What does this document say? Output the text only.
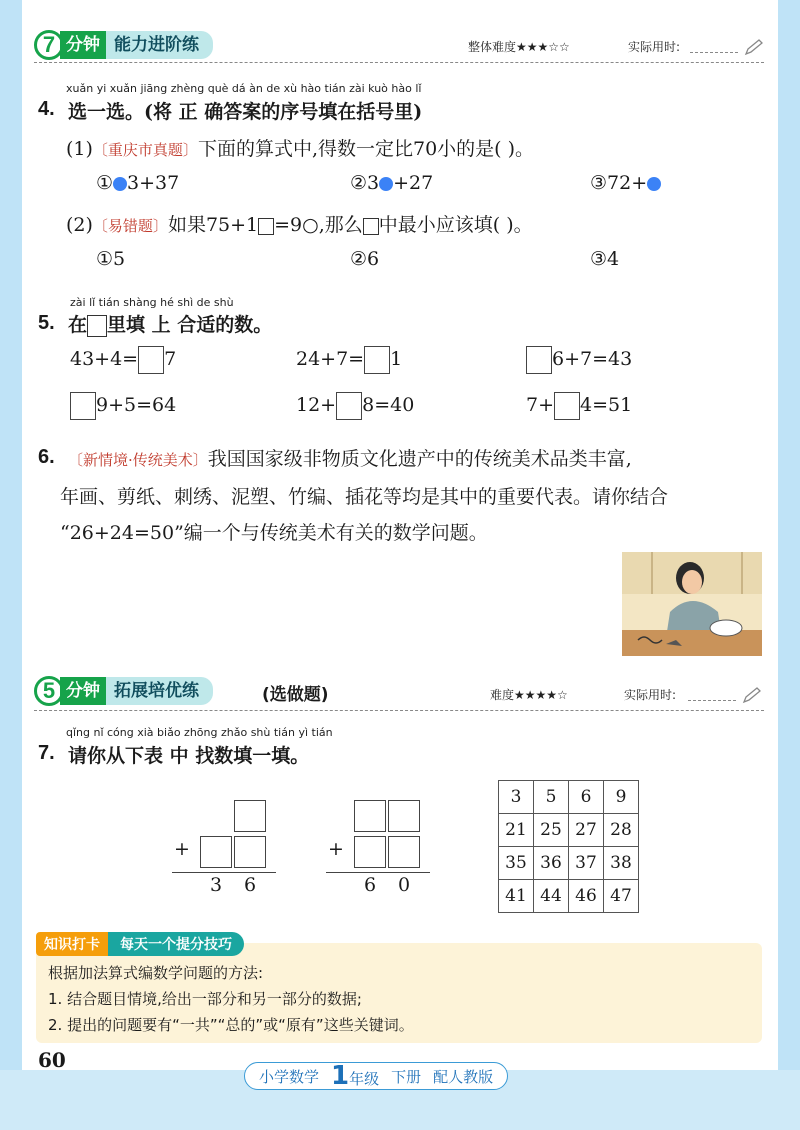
7 分钟 能力进阶练	整体难度★★★☆☆	实际用时:
xuǎn yi xuǎn jiāng zhèng què dá àn de xù hào tián zài kuò hào lǐ
4. 选一选。(将 正 确答案的序号填在括号里)
(1)〔重庆市真题〕下面的算式中,得数一定比70小的是( )。
① 3+37	②3 +27	③72+
(2)〔易错题〕如果75+1 =9○,那么 中最小应该填( )。
①5	②6	③4
zài lǐ tián shàng hé shì de shù
5. 在 里填 上 合适的数。
43+4= 7	24+7= 1	6+7=43
9+5=64	12+ 8=40	7+ 4=51
6. 〔新情境·传统美术〕我国国家级非物质文化遗产中的传统美术品类丰富,
年画、剪纸、刺绣、泥塑、竹编、插花等均是其中的重要代表。请你结合
“26+24=50”编一个与传统美术有关的数学问题。
5 分钟 拓展培优练	(选做题)	难度★★★★☆	实际用时:
qǐng nǐ cóng xià biǎo zhōng zhǎo shù tián yì tián
7. 请你从下表 中 找数填一填。
+
3 6
+
6 0
3	5	6	9
21	25	27	28
35	36	37	38
41	44	46	47
知识打卡	每天一个提分技巧
根据加法算式编数学问题的方法:
1. 结合题目情境,给出一部分和另一部分的数据;
2. 提出的问题要有“一共”“总的”或“原有”这些关键词。
60
小学数学 1年级 下册 配人教版
